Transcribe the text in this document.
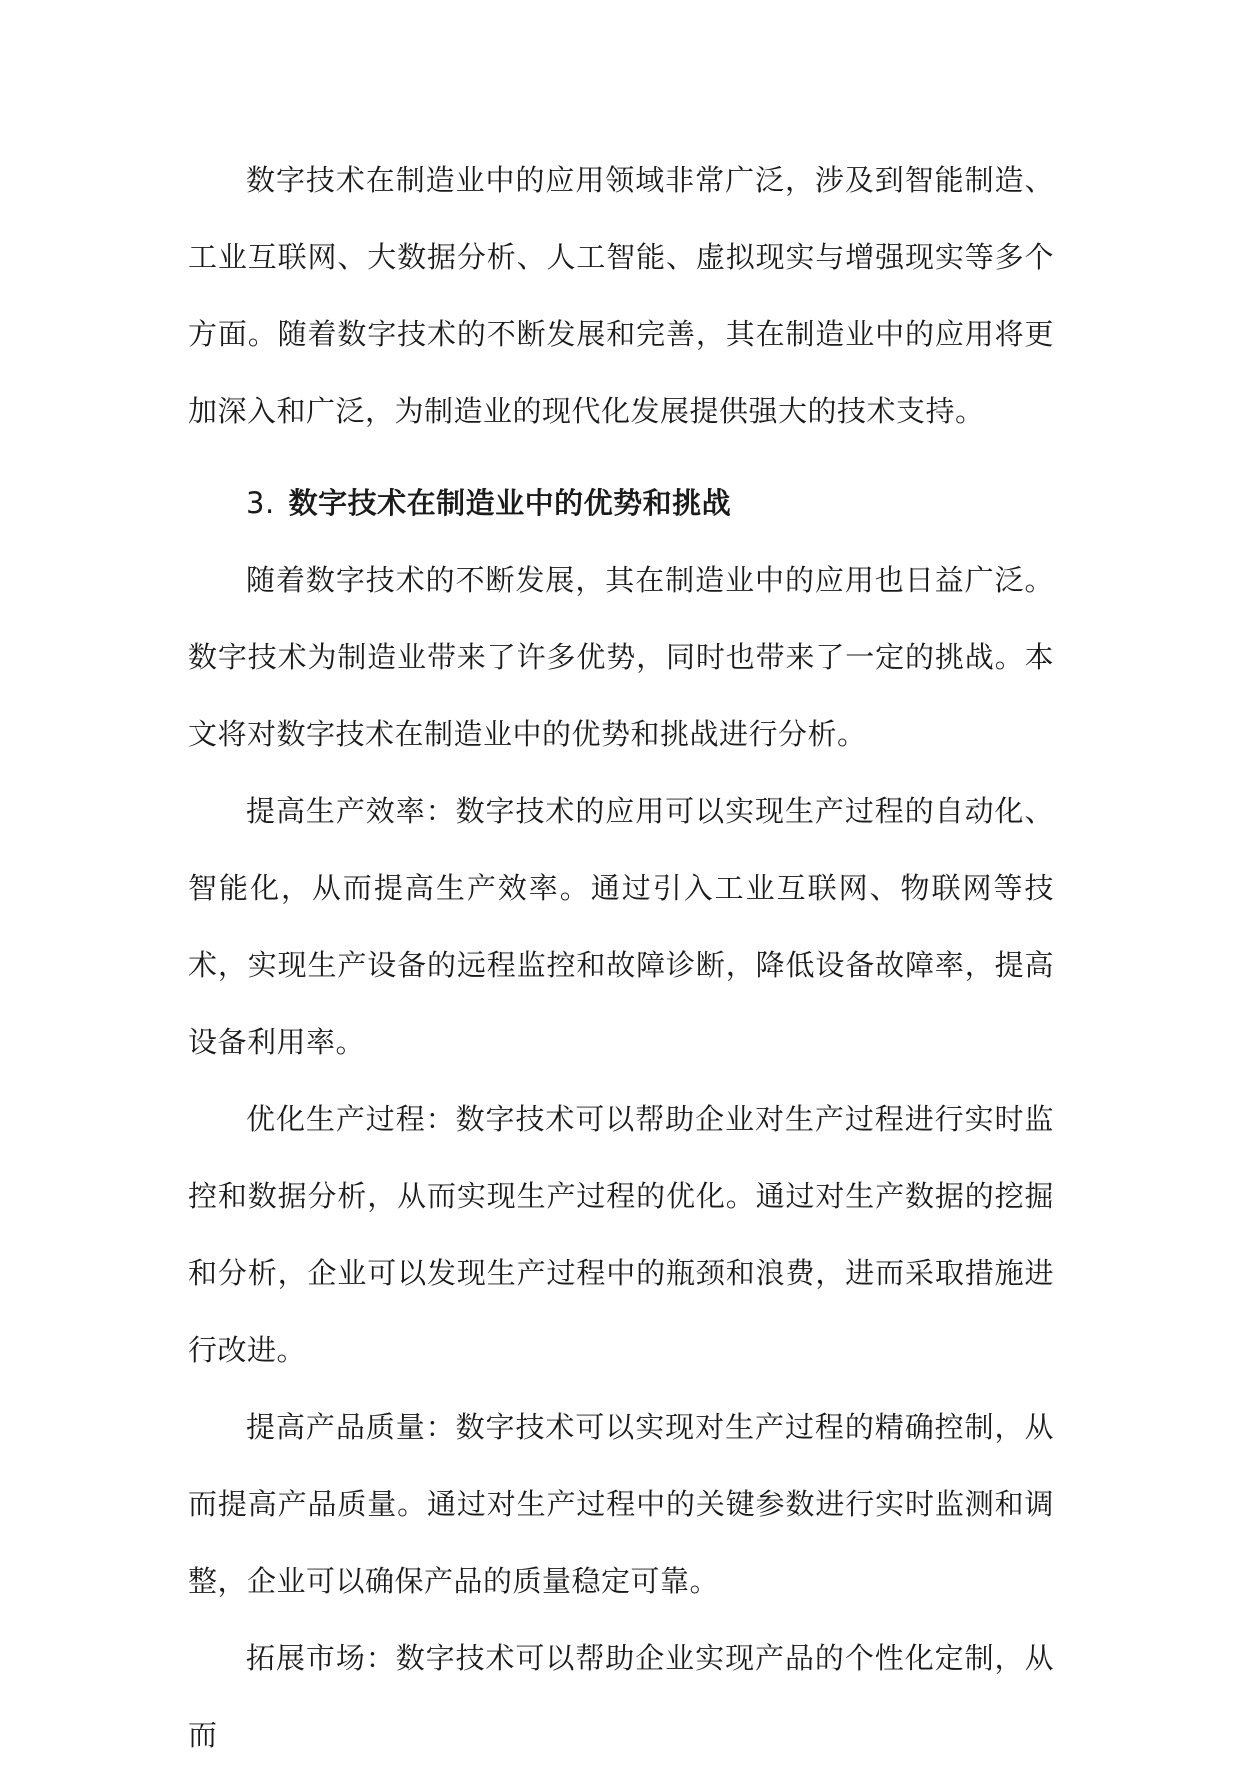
数字技术在制造业中的应用领域非常广泛，涉及到智能制造、工业互联网、大数据分析、人工智能、虚拟现实与增强现实等多个方面。随着数字技术的不断发展和完善，其在制造业中的应用将更加深入和广泛，为制造业的现代化发展提供强大的技术支持。

3. 数字技术在制造业中的优势和挑战

随着数字技术的不断发展，其在制造业中的应用也日益广泛。数字技术为制造业带来了许多优势，同时也带来了一定的挑战。本文将对数字技术在制造业中的优势和挑战进行分析。

提高生产效率：数字技术的应用可以实现生产过程的自动化、智能化，从而提高生产效率。通过引入工业互联网、物联网等技术，实现生产设备的远程监控和故障诊断，降低设备故障率，提高设备利用率。

优化生产过程：数字技术可以帮助企业对生产过程进行实时监控和数据分析，从而实现生产过程的优化。通过对生产数据的挖掘和分析，企业可以发现生产过程中的瓶颈和浪费，进而采取措施进行改进。

提高产品质量：数字技术可以实现对生产过程的精确控制，从而提高产品质量。通过对生产过程中的关键参数进行实时监测和调整，企业可以确保产品的质量稳定可靠。

拓展市场：数字技术可以帮助企业实现产品的个性化定制，从而
